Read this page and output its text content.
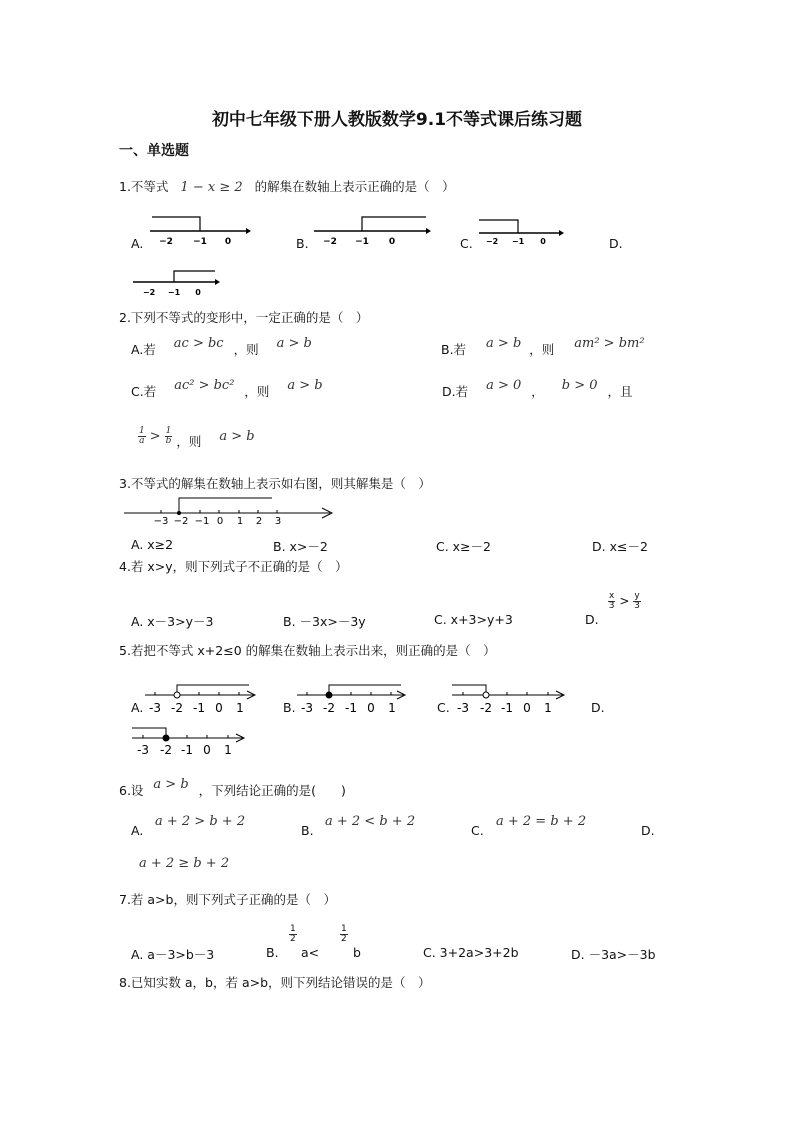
初中七年级下册人教版数学9.1不等式课后练习题
一、单选题
1.不等式 1 − x ≥ 2 的解集在数轴上表示正确的是（　）
A. −2 −1 0	B. −2 −1 0	C. −2 −1 0	D.
−2 −1 0
2.下列不等式的变形中，一定正确的是（　）
A.若 ac > bc ，则 a > b	B.若 a > b ，则 am² > bm²
C.若 ac² > bc² ，则 a > b	D.若 a > 0 ， b > 0 ，且
$\frac{1}{a} > \frac{1}{b}$ ，则 a > b
3.不等式的解集在数轴上表示如右图，则其解集是（　）
−3 −2 −1 0 1 2 3
A. x≥2	B. x>－2	C. x≥－2	D. x≤－2
4.若 x>y，则下列式子不正确的是（　）
A. x－3>y－3	B. －3x>－3y	C. x+3>y+3	D.
$\frac{x}{3} > \frac{y}{3}$
5.若把不等式 x+2≤0 的解集在数轴上表示出来，则正确的是（　）
A. -3 -2 -1 0 1	B. -3 -2 -1 0 1	C. -3 -2 -1 0 1	D.
-3 -2 -1 0 1
6.设 a > b ，下列结论正确的是(　　)
A.
a + 2 > b + 2
B.
a + 2 < b + 2
C.
a + 2 = b + 2
D.
a + 2 ≥ b + 2
7.若 a>b，则下列式子正确的是（　）
A. a－3>b－3	B.
$\frac{1}{2}$
a<
$\frac{1}{2}$
b	C. 3+2a>3+2b	D. －3a>－3b
8.已知实数 a，b，若 a>b，则下列结论错误的是（　）
